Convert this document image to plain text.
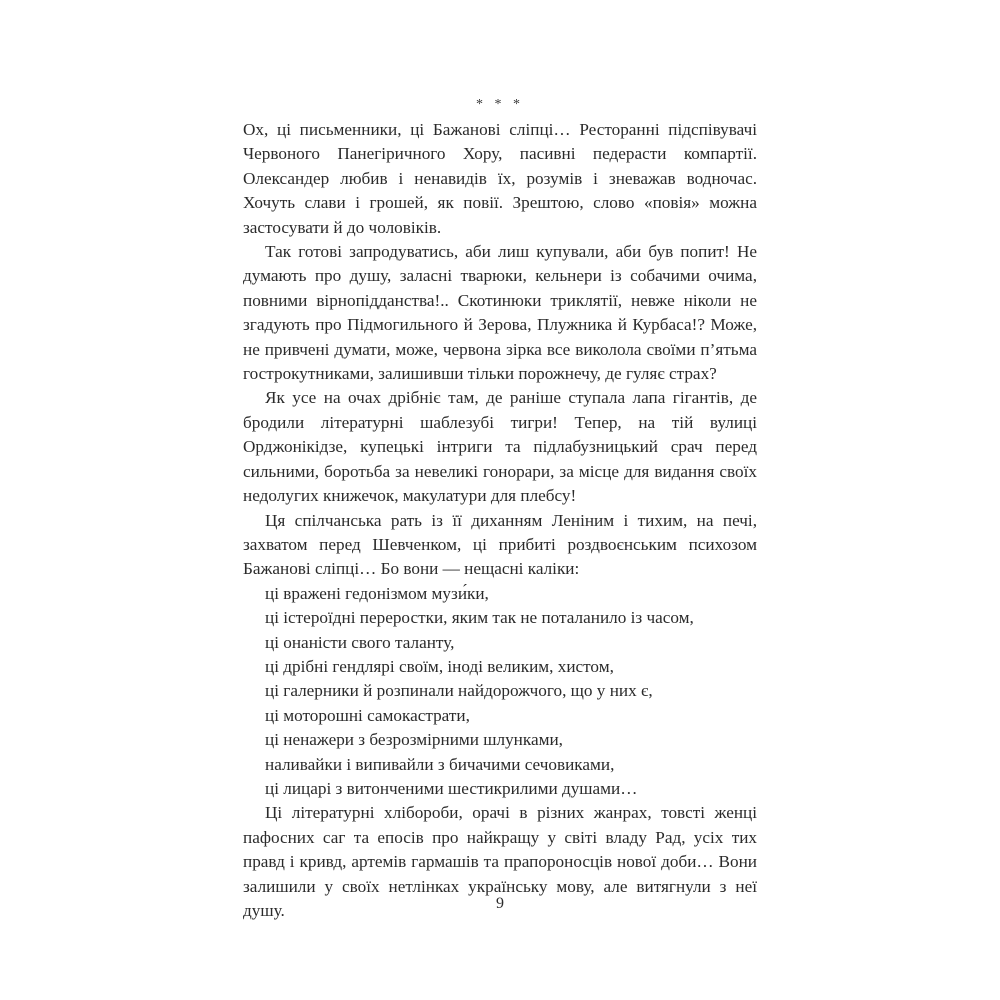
* * *

Ох, ці письменники, ці Бажанові сліпці… Ресторанні підспівувачі Червоного Панегіричного Хору, пасивні педерасти компартії. Олександер любив і ненавидів їх, розумів і зневажав водночас. Хочуть слави і грошей, як повії. Зрештою, слово «повія» можна застосувати й до чоловіків.

Так готові запродуватись, аби лиш купували, аби був попит! Не думають про душу, заласні тварюки, кельнери із собачими очима, повними вірнопідданства!.. Скотинюки триклятії, невже ніколи не згадують про Підмогильного й Зерова, Плужника й Курбаса!? Може, не привчені думати, може, червона зірка все виколола своїми п’ятьма гострокутниками, залишивши тільки порожнечу, де гуляє страх?

Як усе на очах дрібніє там, де раніше ступала лапа гігантів, де бродили літературні шаблезубі тигри! Тепер, на тій вулиці Орджонікідзе, купецькі інтриги та підлабузницький срач перед сильними, боротьба за невеликі гонорари, за місце для видання своїх недолугих книжечок, макулатури для плебсу!

Ця спілчанська рать із її диханням Леніним і тихим, на печі, захватом перед Шевченком, ці прибиті роздвоєнським психозом Бажанові сліпці… Бо вони — нещасні каліки:

ці вражені гедонізмом музи́ки,
ці істероїдні переростки, яким так не поталанило із часом,
ці онаністи свого таланту,
ці дрібні гендлярі своїм, іноді великим, хистом,
ці галерники й розпинали найдорожчого, що у них є,
ці моторошні самокастрати,
ці ненажери з безрозмірними шлунками,
наливайки і випивайли з бичачими сечовиками,
ці лицарі з витонченими шестикрилими душами…

Ці літературні хлібороби, орачі в різних жанрах, товсті женці пафосних саг та епосів про найкращу у світі владу Рад, усіх тих правд і кривд, артемів гармашів та прапороносців нової доби… Вони залишили у своїх нетлінках українську мову, але витягнули з неї душу.	9
